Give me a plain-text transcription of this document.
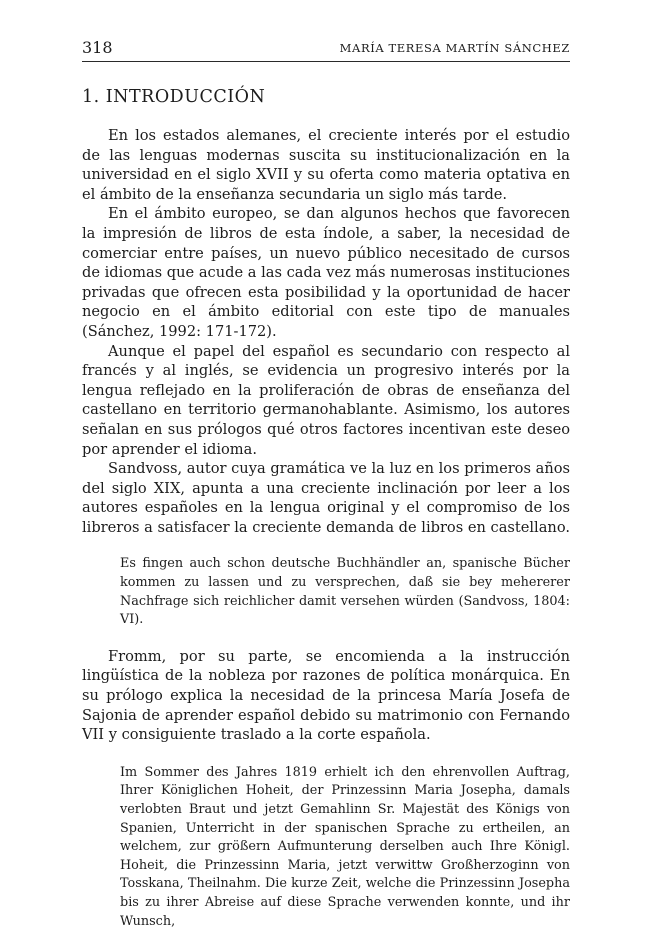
318	MARÍA TERESA MARTÍN SÁNCHEZ
1. INTRODUCCIÓN

En los estados alemanes, el creciente interés por el estudio de las lenguas modernas suscita su institucionalización en la universidad en el siglo XVII y su oferta como materia optativa en el ámbito de la enseñanza secundaria un siglo más tarde.

En el ámbito europeo, se dan algunos hechos que favorecen la impresión de libros de esta índole, a saber, la necesidad de comerciar entre países, un nuevo público necesitado de cursos de idiomas que acude a las cada vez más numerosas instituciones privadas que ofrecen esta posibilidad y la oportunidad de hacer negocio en el ámbito editorial con este tipo de manuales (Sánchez, 1992: 171-172).

Aunque el papel del español es secundario con respecto al francés y al inglés, se evidencia un progresivo interés por la lengua reflejado en la proliferación de obras de enseñanza del castellano en territorio germanohablante. Asimismo, los autores señalan en sus prólogos qué otros factores incentivan este deseo por aprender el idioma.

Sandvoss, autor cuya gramática ve la luz en los primeros años del siglo XIX, apunta a una creciente inclinación por leer a los autores españoles en la lengua original y el compromiso de los libreros a satisfacer la creciente demanda de libros en castellano.

Es fingen auch schon deutsche Buchhändler an, spanische Bücher kommen zu lassen und zu versprechen, daß sie bey mehererer Nachfrage sich reichlicher damit versehen würden (Sandvoss, 1804: VI).

Fromm, por su parte, se encomienda a la instrucción lingüística de la nobleza por razones de política monárquica. En su prólogo explica la necesidad de la princesa María Josefa de Sajonia de aprender español debido su matrimonio con Fernando VII y consiguiente traslado a la corte española.

Im Sommer des Jahres 1819 erhielt ich den ehrenvollen Auftrag, Ihrer Königlichen Hoheit, der Prinzessinn Maria Josepha, damals verlobten Braut und jetzt Gemahlinn Sr. Majestät des Königs von Spanien, Unterricht in der spanischen Sprache zu ertheilen, an welchem, zur größern Aufmunterung derselben auch Ihre Königl. Hoheit, die Prinzessinn Maria, jetzt verwittw Großherzoginn von Tosskana, Theilnahm. Die kurze Zeit, welche die Prinzessinn Josepha bis zu ihrer Abreise auf diese Sprache verwenden konnte, und ihr Wunsch,
